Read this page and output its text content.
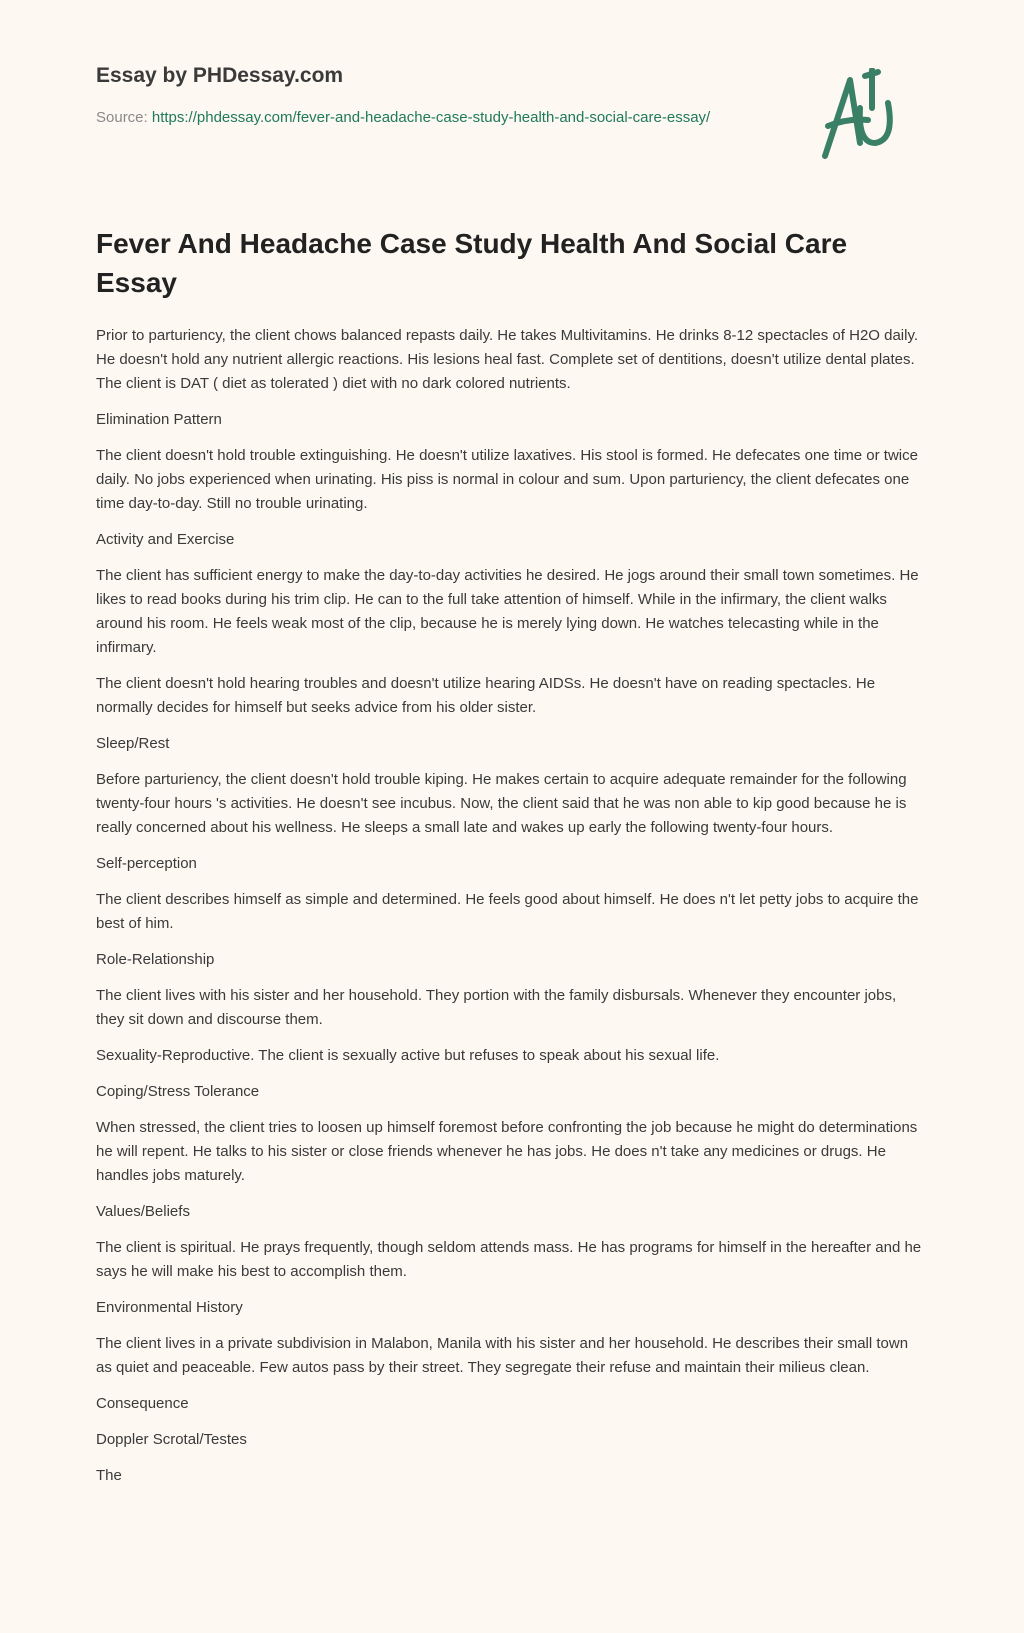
Essay by PHDessay.com
Source: https://phdessay.com/fever-and-headache-case-study-health-and-social-care-essay/
Fever And Headache Case Study Health And Social Care Essay

Prior to parturiency, the client chows balanced repasts daily. He takes Multivitamins. He drinks 8-12 spectacles of H2O daily. He doesn't hold any nutrient allergic reactions. His lesions heal fast. Complete set of dentitions, doesn't utilize dental plates. The client is DAT ( diet as tolerated ) diet with no dark colored nutrients.

Elimination Pattern

The client doesn't hold trouble extinguishing. He doesn't utilize laxatives. His stool is formed. He defecates one time or twice daily. No jobs experienced when urinating. His piss is normal in colour and sum. Upon parturiency, the client defecates one time day-to-day. Still no trouble urinating.

Activity and Exercise

The client has sufficient energy to make the day-to-day activities he desired. He jogs around their small town sometimes. He likes to read books during his trim clip. He can to the full take attention of himself. While in the infirmary, the client walks around his room. He feels weak most of the clip, because he is merely lying down. He watches telecasting while in the infirmary.

The client doesn't hold hearing troubles and doesn't utilize hearing AIDSs. He doesn't have on reading spectacles. He normally decides for himself but seeks advice from his older sister.

Sleep/Rest

Before parturiency, the client doesn't hold trouble kiping. He makes certain to acquire adequate remainder for the following twenty-four hours 's activities. He doesn't see incubus. Now, the client said that he was non able to kip good because he is really concerned about his wellness. He sleeps a small late and wakes up early the following twenty-four hours.

Self-perception

The client describes himself as simple and determined. He feels good about himself. He does n't let petty jobs to acquire the best of him.

Role-Relationship

The client lives with his sister and her household. They portion with the family disbursals. Whenever they encounter jobs, they sit down and discourse them.

Sexuality-Reproductive. The client is sexually active but refuses to speak about his sexual life.

Coping/Stress Tolerance

When stressed, the client tries to loosen up himself foremost before confronting the job because he might do determinations he will repent. He talks to his sister or close friends whenever he has jobs. He does n't take any medicines or drugs. He handles jobs maturely.

Values/Beliefs

The client is spiritual. He prays frequently, though seldom attends mass. He has programs for himself in the hereafter and he says he will make his best to accomplish them.

Environmental History

The client lives in a private subdivision in Malabon, Manila with his sister and her household. He describes their small town as quiet and peaceable. Few autos pass by their street. They segregate their refuse and maintain their milieus clean.

Consequence

Doppler Scrotal/Testes

The
